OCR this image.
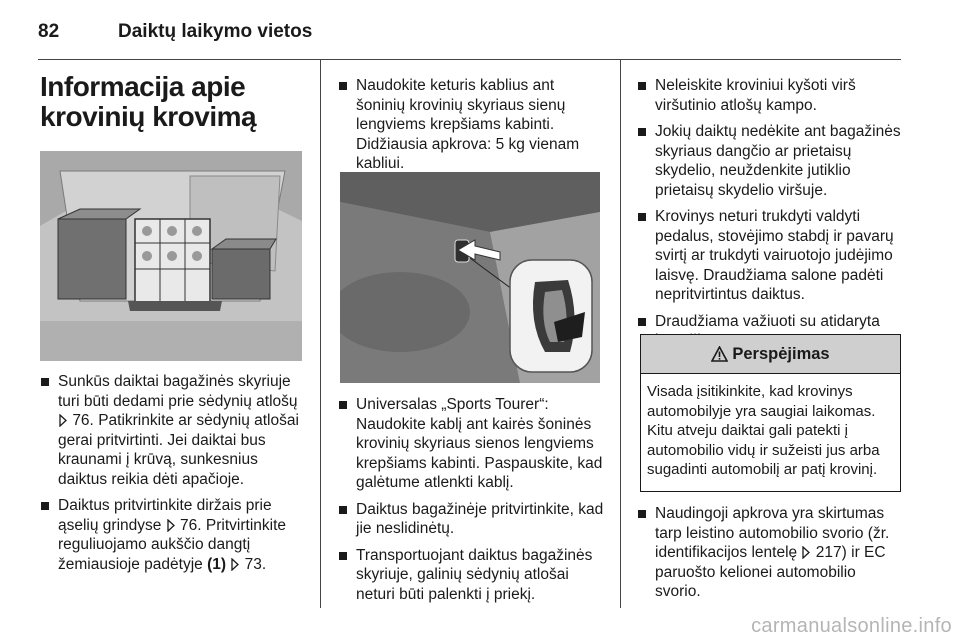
82	Daiktų laikymo vietos
Informacija apie
krovinių krovimą
Sunkūs daiktai bagažinės skyriuje turi būti dedami prie sėdynių atlošų  76. Patikrinkite ar sėdynių atlošai gerai pritvirtinti. Jei daiktai bus kraunami į krūvą, sunkesnius daiktus reikia dėti apačioje.
Daiktus pritvirtinkite diržais prie ąselių grindyse 76. Pritvirtinkite reguliuojamo aukščio dangtį žemiausioje padėtyje (1) 73.
Naudokite keturis kablius ant šoninių krovinių skyriaus sienų lengviems krepšiams kabinti. Didžiausia apkrova: 5 kg vienam kabliui.
Universalas „Sports Tourer“: Naudokite kablį ant kairės šoninės krovinių skyriaus sienos lengviems krepšiams kabinti. Paspauskite, kad galėtume atlenkti kablį.
Daiktus bagažinėje pritvirtinkite, kad jie neslidinėtų.
Transportuojant daiktus bagažinės skyriuje, galinių sėdynių atlošai neturi būti palenkti į priekį.
Neleiskite kroviniui kyšoti virš viršutinio atlošų kampo.
Jokių daiktų nedėkite ant bagažinės skyriaus dangčio ar prietaisų skydelio, neuždenkite jutiklio prietaisų skydelio viršuje.
Krovinys neturi trukdyti valdyti pedalus, stovėjimo stabdį ir pavarų svirtį ar trukdyti vairuotojo judėjimo laisvę. Draudžiama salone padėti nepritvirtintus daiktus.
Draudžiama važiuoti su atidaryta
Perspėjimas
Visada įsitikinkite, kad krovinys automobilyje yra saugiai laikomas. Kitu atveju daiktai gali patekti į automobilio vidų ir sužeisti jus arba sugadinti automobilį ar patį krovinį.
Naudingoji apkrova yra skirtumas tarp leistino automobilio svorio (žr. identifikacijos lentelę 217) ir EC paruošto kelionei automobilio svorio.
carmanualsonline.info
